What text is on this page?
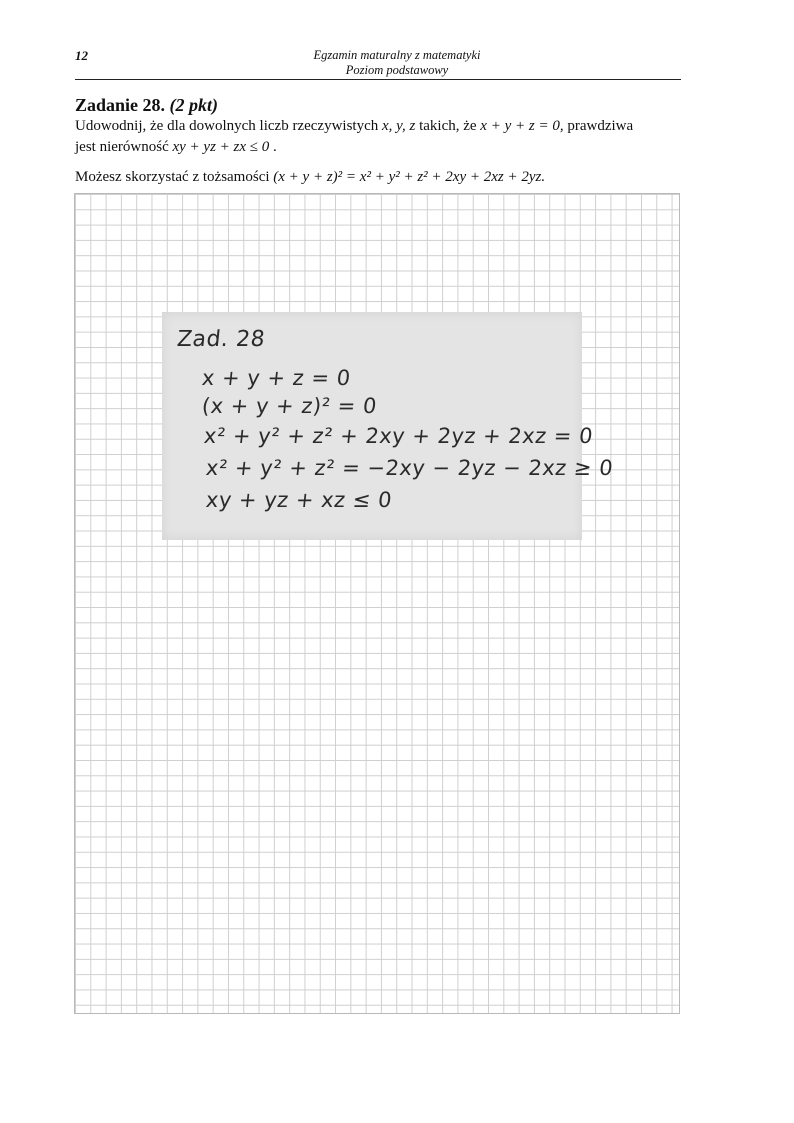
12	Egzamin maturalny z matematyki
Poziom podstawowy
Zadanie 28. (2 pkt)
Udowodnij, że dla dowolnych liczb rzeczywistych x, y, z takich, że x + y + z = 0, prawdziwa
jest nierówność xy + yz + zx ≤ 0 .
Możesz skorzystać z tożsamości (x + y + z)² = x² + y² + z² + 2xy + 2xz + 2yz.
Zad. 28
x + y + z = 0
(x + y + z)² = 0
x² + y² + z² + 2xy + 2yz + 2xz = 0
x² + y² + z² = −2xy − 2yz − 2xz ≥ 0
xy + yz + xz ≤ 0
